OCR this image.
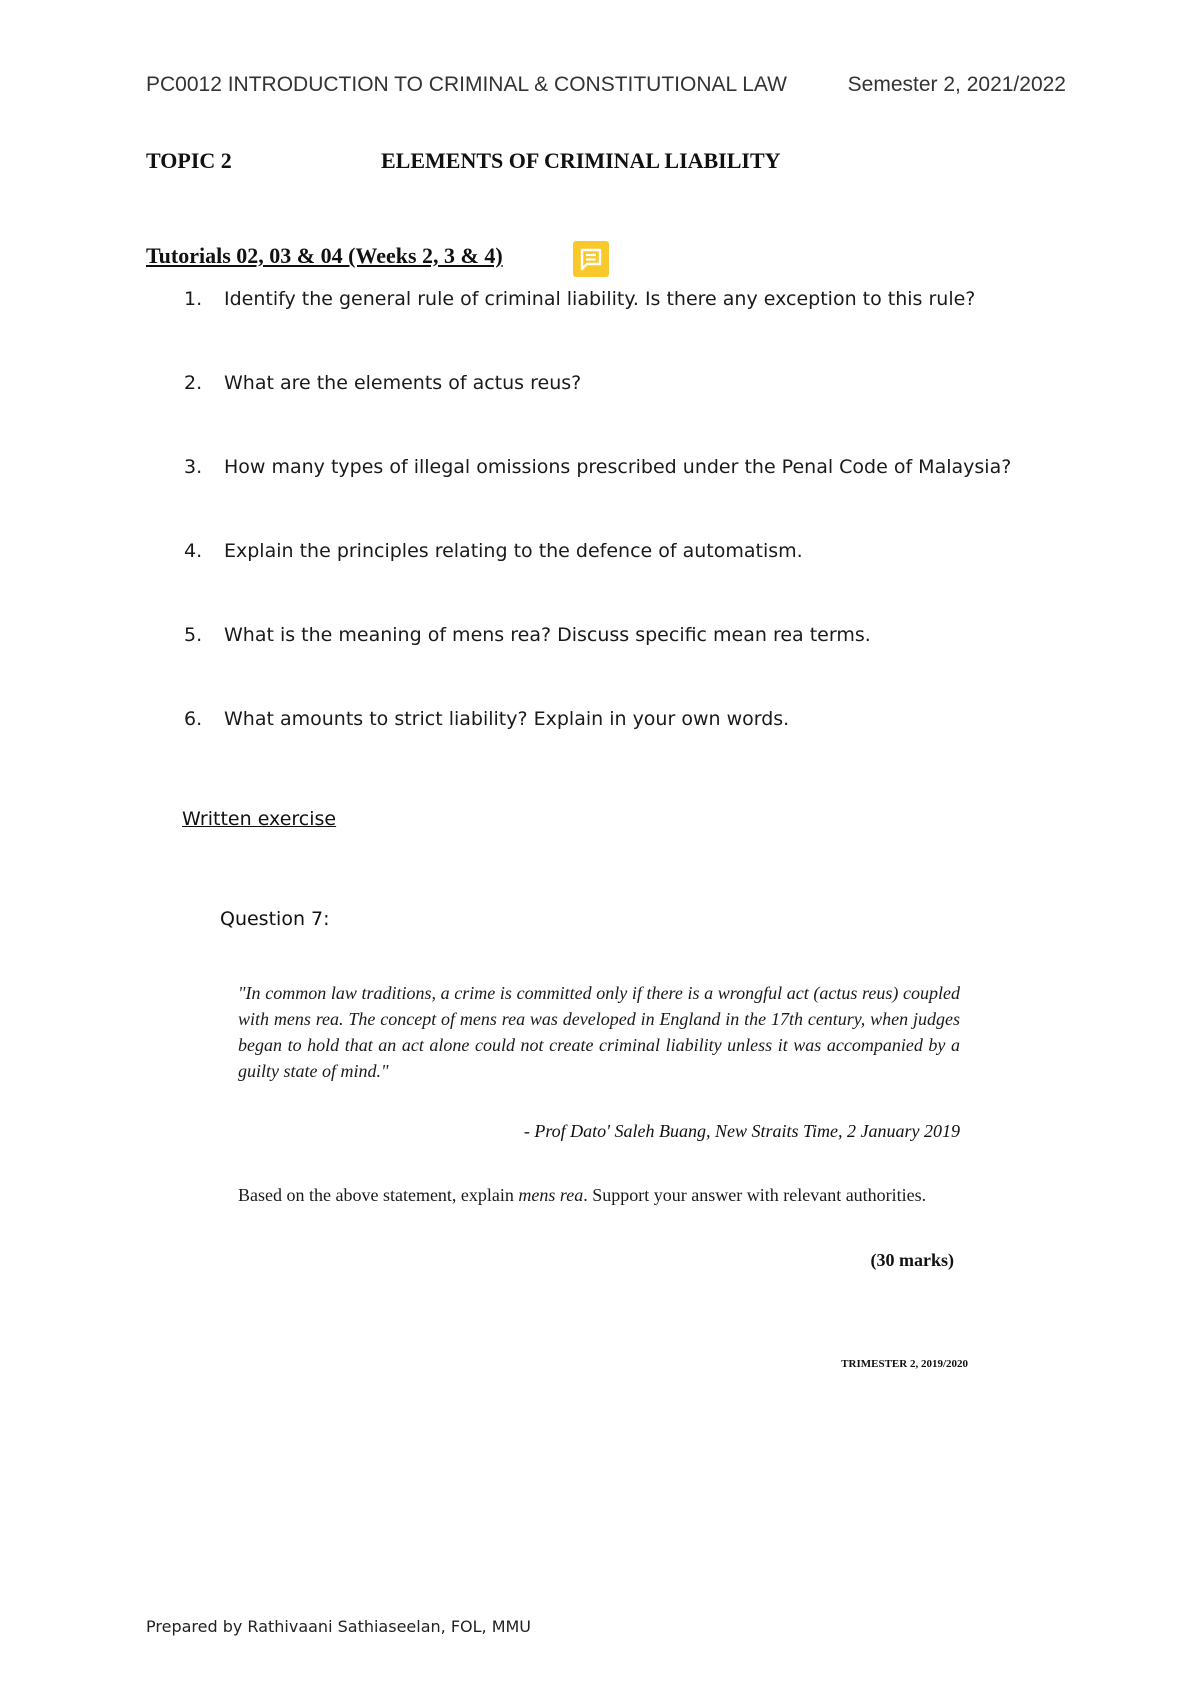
PC0012 INTRODUCTION TO CRIMINAL & CONSTITUTIONAL LAW	Semester 2, 2021/2022
TOPIC 2	ELEMENTS OF CRIMINAL LIABILITY
Tutorials 02, 03 & 04 (Weeks 2, 3 & 4)
1. Identify the general rule of criminal liability. Is there any exception to this rule?
2. What are the elements of actus reus?
3. How many types of illegal omissions prescribed under the Penal Code of Malaysia?
4. Explain the principles relating to the defence of automatism.
5. What is the meaning of mens rea? Discuss specific mean rea terms.
6. What amounts to strict liability? Explain in your own words.
Written exercise
Question 7:
"In common law traditions, a crime is committed only if there is a wrongful act (actus reus) coupled with mens rea. The concept of mens rea was developed in England in the 17th century, when judges began to hold that an act alone could not create criminal liability unless it was accompanied by a guilty state of mind."
- Prof Dato' Saleh Buang, New Straits Time, 2 January 2019
Based on the above statement, explain mens rea. Support your answer with relevant authorities.
(30 marks)
TRIMESTER 2, 2019/2020
Prepared by Rathivaani Sathiaseelan, FOL, MMU
